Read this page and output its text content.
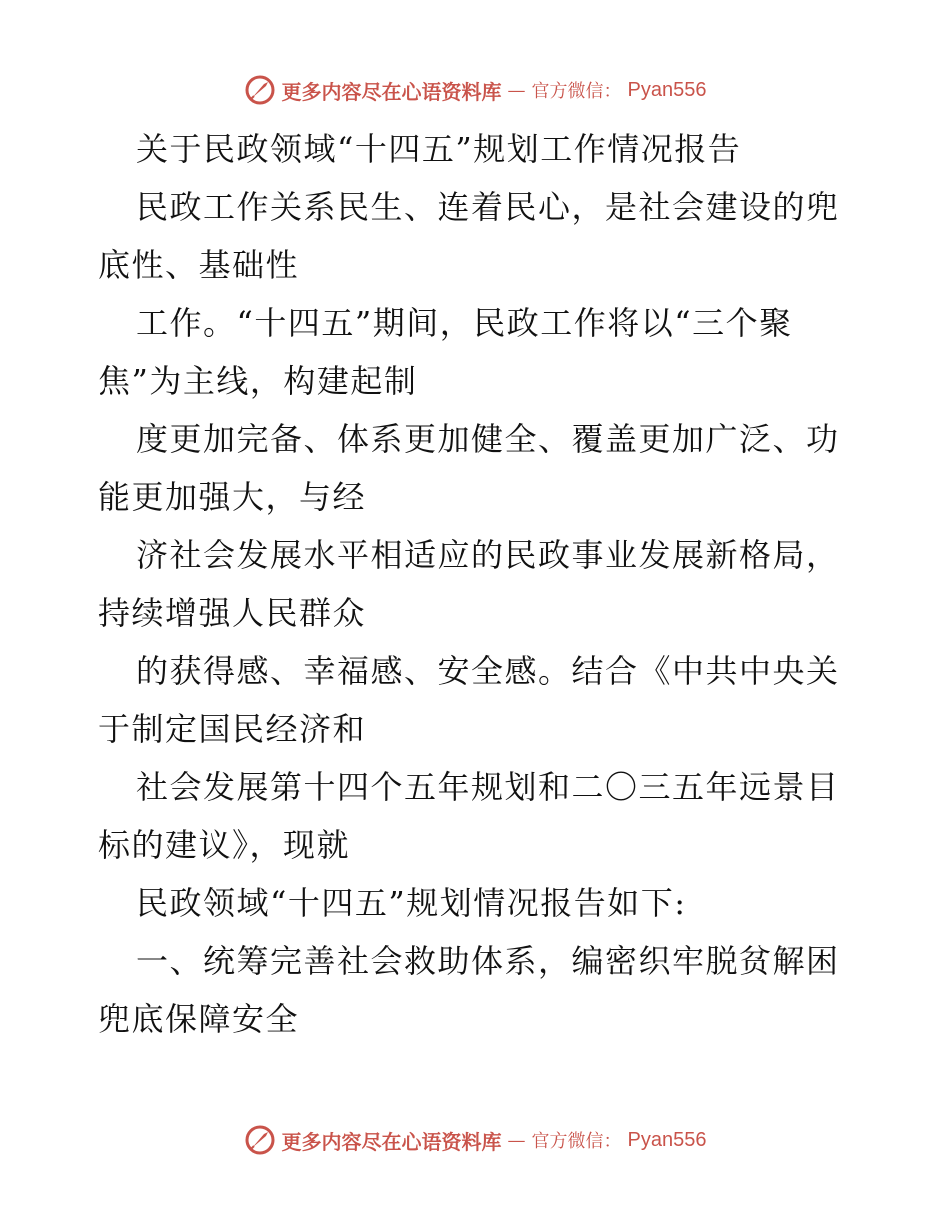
更多内容尽在心语资料库 — 官方微信： Pyan556
关于民政领域“十四五”规划工作情况报告
民政工作关系民生、连着民心，是社会建设的兜
底性、基础性
工作。“十四五”期间，民政工作将以“三个聚
焦”为主线，构建起制
度更加完备、体系更加健全、覆盖更加广泛、功
能更加强大，与经
济社会发展水平相适应的民政事业发展新格局，
持续增强人民群众
的获得感、幸福感、安全感。结合《中共中央关
于制定国民经济和
社会发展第十四个五年规划和二〇三五年远景目
标的建议》，现就
民政领域“十四五”规划情况报告如下:
一、统筹完善社会救助体系，编密织牢脱贫解困
兜底保障安全
更多内容尽在心语资料库 — 官方微信： Pyan556
